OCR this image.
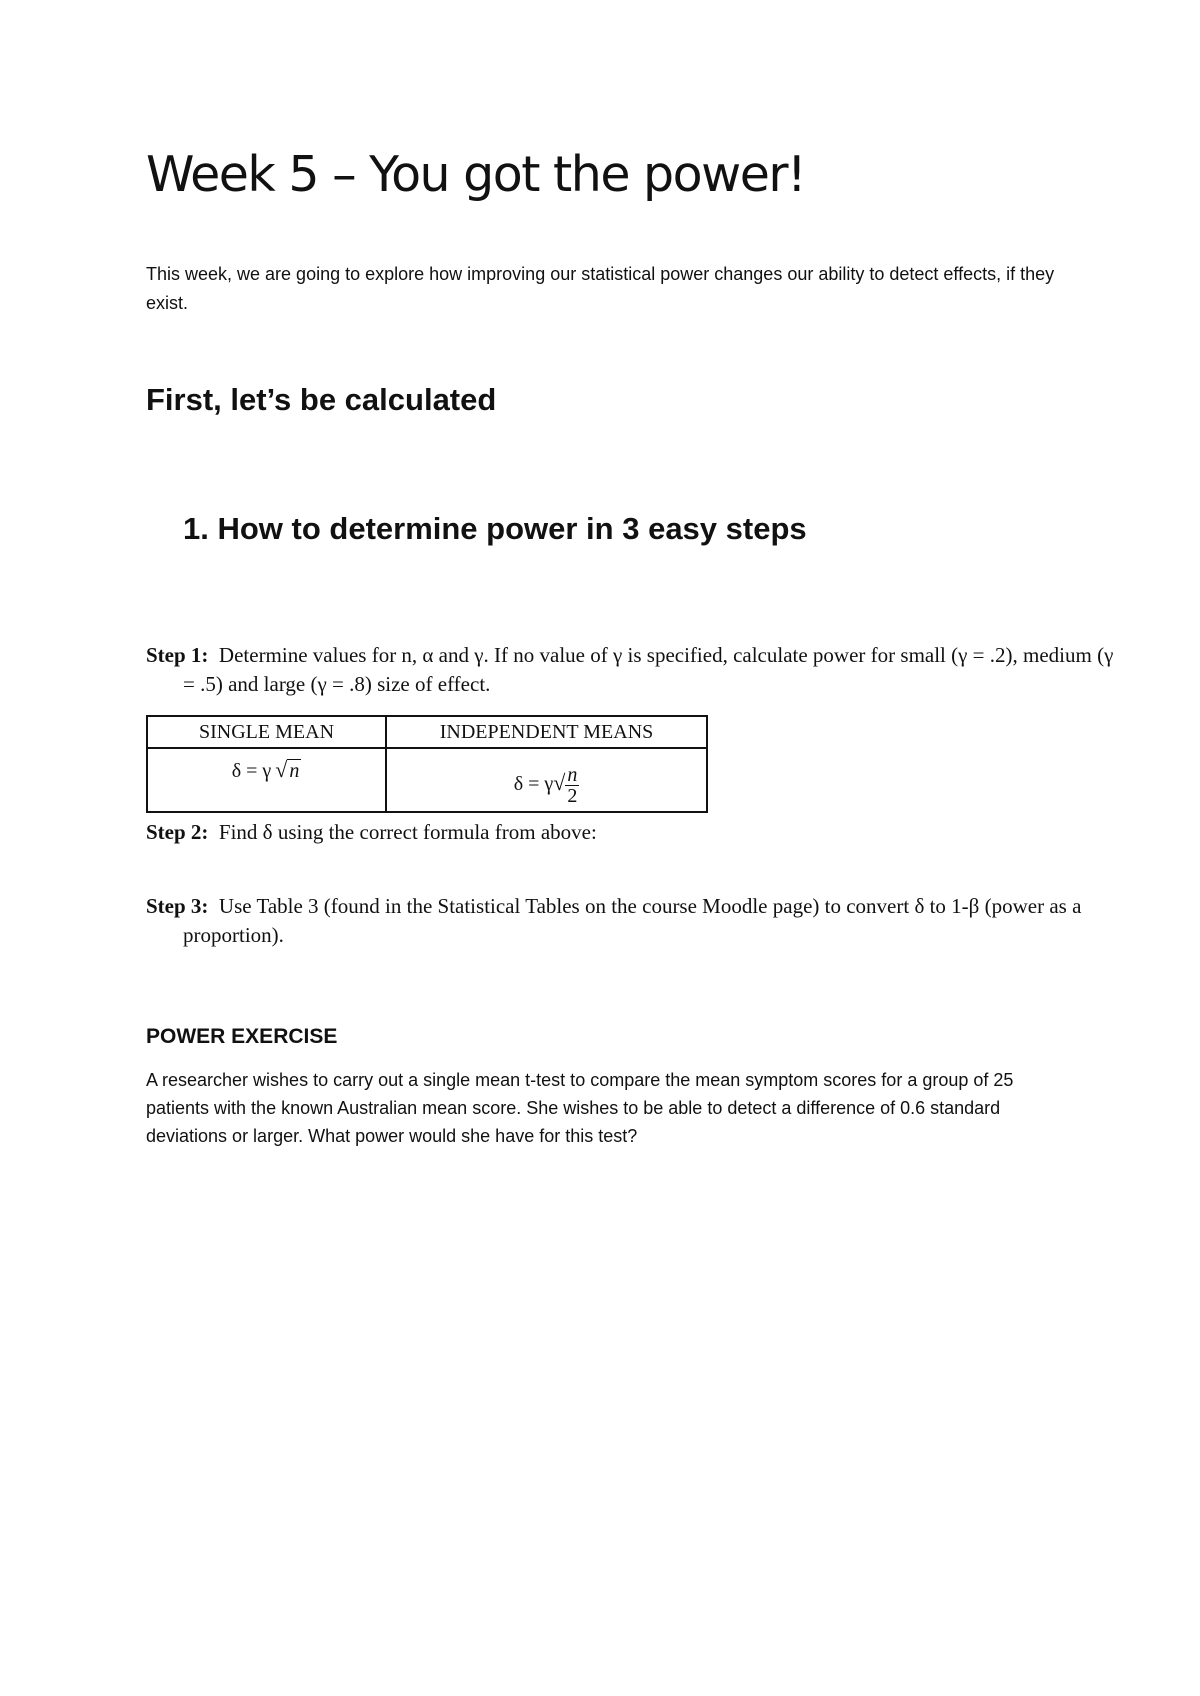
Week 5 – You got the power!

This week, we are going to explore how improving our statistical power changes our ability to detect effects, if they exist.

First, let’s be calculated
1. How to determine power in 3 easy steps

Step 1: Determine values for n, α and γ. If no value of γ is specified, calculate power for small (γ = .2), medium (γ = .5) and large (γ = .8) size of effect.

SINGLE MEAN	INDEPENDENT MEANS
δ = γ  √ n	$\delta = \gamma√ \frac{n}{2}$

Step 2: Find δ using the correct formula from above:

Step 3: Use Table 3 (found in the Statistical Tables on the course Moodle page) to convert δ to 1-β (power as a proportion).

POWER EXERCISE

A researcher wishes to carry out a single mean t-test to compare the mean symptom scores for a group of 25 patients with the known Australian mean score. She wishes to be able to detect a difference of 0.6 standard deviations or larger. What power would she have for this test?
